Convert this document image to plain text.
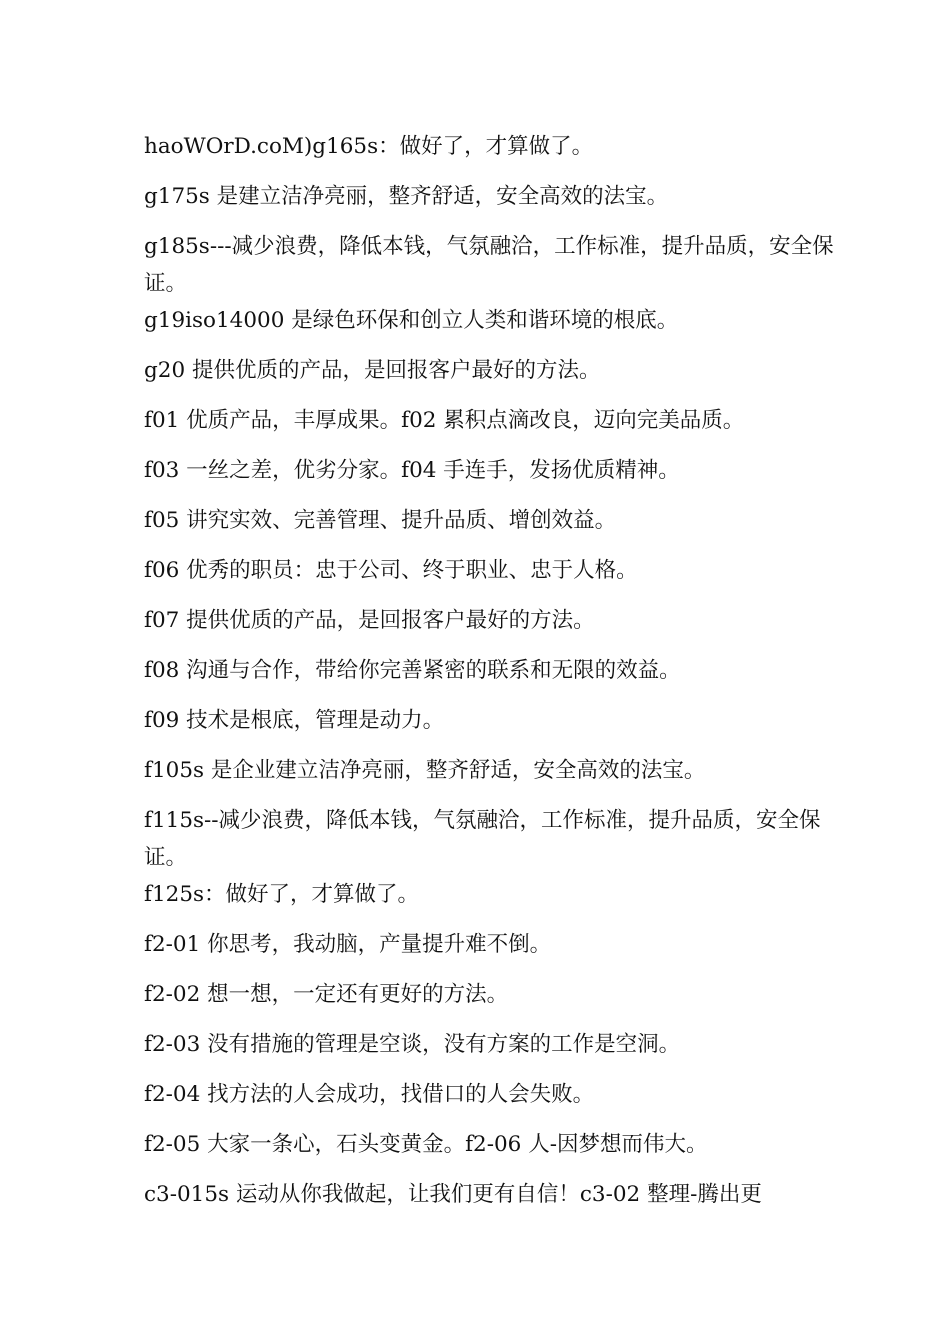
haoWOrD.coM)g165s：做好了，才算做了。

g175s 是建立洁净亮丽，整齐舒适，安全高效的法宝。

g185s---减少浪费，降低本钱，气氛融洽，工作标准，提升品质，安全保证。

g19iso14000 是绿色环保和创立人类和谐环境的根底。

g20 提供优质的产品，是回报客户最好的方法。

f01 优质产品，丰厚成果。f02 累积点滴改良，迈向完美品质。

f03 一丝之差，优劣分家。f04 手连手，发扬优质精神。

f05 讲究实效、完善管理、提升品质、增创效益。

f06 优秀的职员：忠于公司、终于职业、忠于人格。

f07 提供优质的产品，是回报客户最好的方法。

f08 沟通与合作，带给你完善紧密的联系和无限的效益。

f09 技术是根底，管理是动力。

f105s 是企业建立洁净亮丽，整齐舒适，安全高效的法宝。

f115s--减少浪费，降低本钱，气氛融洽，工作标准，提升品质，安全保证。

f125s：做好了，才算做了。

f2-01 你思考，我动脑，产量提升难不倒。

f2-02 想一想，一定还有更好的方法。

f2-03 没有措施的管理是空谈，没有方案的工作是空洞。

f2-04 找方法的人会成功，找借口的人会失败。

f2-05 大家一条心，石头变黄金。f2-06 人-因梦想而伟大。

c3-015s 运动从你我做起，让我们更有自信！c3-02 整理-腾出更
